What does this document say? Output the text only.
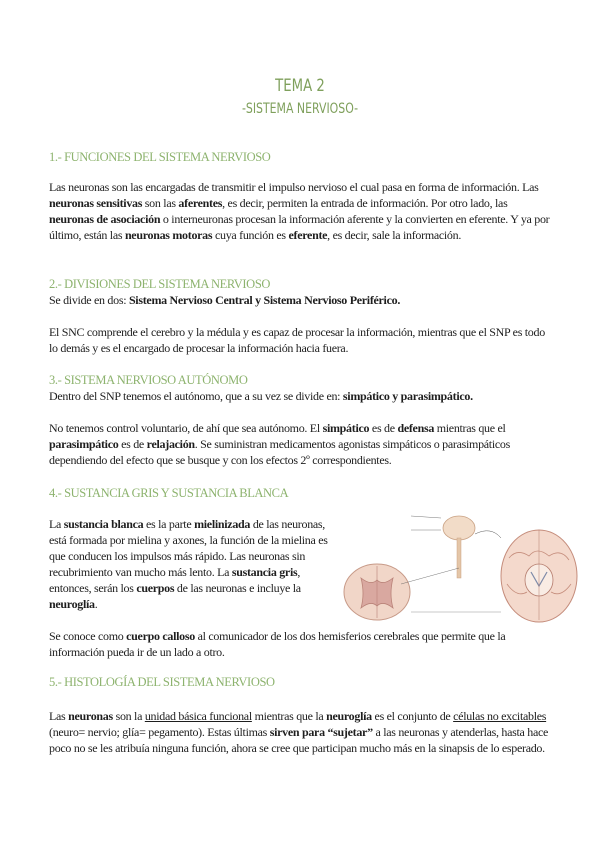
TEMA 2
-SISTEMA NERVIOSO-
1.- FUNCIONES DEL SISTEMA NERVIOSO
Las neuronas son las encargadas de transmitir el impulso nervioso el cual pasa en forma de información. Las neuronas sensitivas son las aferentes, es decir, permiten la entrada de información. Por otro lado, las neuronas de asociación o interneuronas procesan la información aferente y la convierten en eferente. Y ya por último, están las neuronas motoras cuya función es eferente, es decir, sale la información.
2.- DIVISIONES DEL SISTEMA NERVIOSO
Se divide en dos: Sistema Nervioso Central y Sistema Nervioso Periférico.
El SNC comprende el cerebro y la médula y es capaz de procesar la información, mientras que el SNP es todo lo demás y es el encargado de procesar la información hacia fuera.
3.- SISTEMA NERVIOSO AUTÓNOMO
Dentro del SNP tenemos el autónomo, que a su vez se divide en: simpático y parasimpático.
No tenemos control voluntario, de ahí que sea autónomo. El simpático es de defensa mientras que el parasimpático es de relajación. Se suministran medicamentos agonistas simpáticos o parasimpáticos dependiendo del efecto que se busque y con los efectos 2º correspondientes.
4.- SUSTANCIA GRIS Y SUSTANCIA BLANCA
La sustancia blanca es la parte mielinizada de las neuronas, está formada por mielina y axones, la función de la mielina es que conducen los impulsos más rápido. Las neuronas sin recubrimiento van mucho más lento. La sustancia gris, entonces, serán los cuerpos de las neuronas e incluye la neuroglía.
Se conoce como cuerpo calloso al comunicador de los dos hemisferios cerebrales que permite que la información pueda ir de un lado a otro.
5.- HISTOLOGÍA DEL SISTEMA NERVIOSO
Las neuronas son la unidad básica funcional mientras que la neuroglía es el conjunto de células no excitables (neuro= nervio; glía= pegamento). Estas últimas sirven para “sujetar” a las neuronas y atenderlas, hasta hace poco no se les atribuía ninguna función, ahora se cree que participan mucho más en la sinapsis de lo esperado.
